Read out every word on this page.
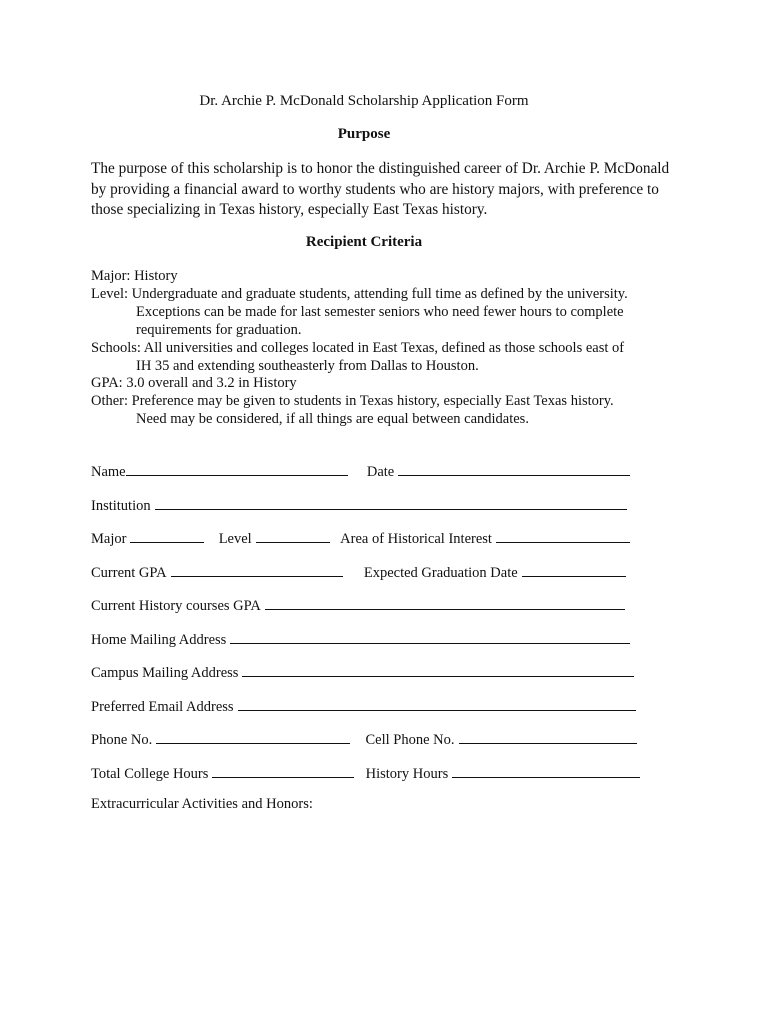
Dr. Archie P. McDonald Scholarship Application Form
Purpose
The purpose of this scholarship is to honor the distinguished career of Dr. Archie P. McDonald
by providing a financial award to worthy students who are history majors, with preference to
those specializing in Texas history, especially East Texas history.
Recipient Criteria
Major: History
Level: Undergraduate and graduate students, attending full time as defined by the university.
Exceptions can be made for last semester seniors who need fewer hours to complete
requirements for graduation.
Schools: All universities and colleges located in East Texas, defined as those schools east of
IH 35 and extending southeasterly from Dallas to Houston.
GPA: 3.0 overall and 3.2 in History
Other: Preference may be given to students in Texas history, especially East Texas history.
Need may be considered, if all things are equal between candidates.
Name	Date
Institution
Major	Level	Area of Historical Interest
Current GPA	Expected Graduation Date
Current History courses GPA
Home Mailing Address
Campus Mailing Address
Preferred Email Address
Phone No.	Cell Phone No.
Total College Hours	History Hours
Extracurricular Activities and Honors:
